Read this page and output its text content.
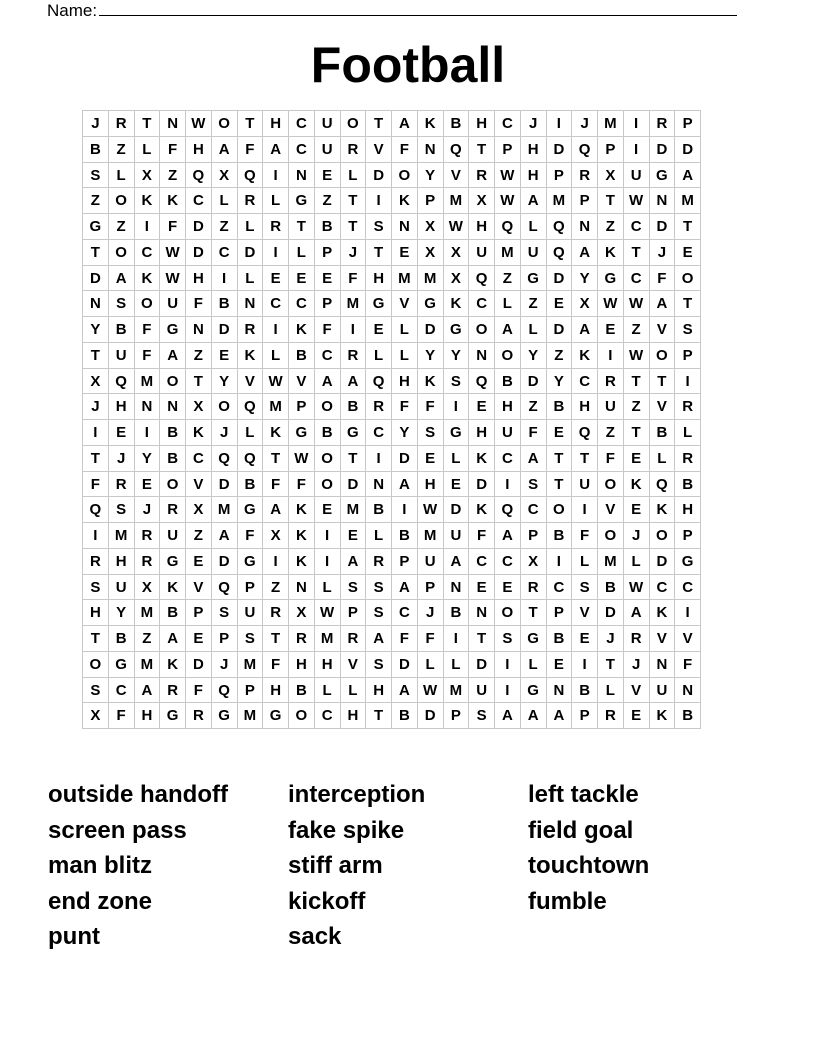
Name:
Football
J	R	T	N W O	T	H C U O	T	A K B H C	J	I	J	M	I	R	P
B	Z	L	F	H A	F	A C U R	V	F	N Q	T	P	H D Q P	I	D D
S	L	X	Z	Q X Q	I	N	E	L	D O Y	V	R W H	P	R	X	U G A
Z	O K K C	L	R	L	G	Z	T	I	K	P M X W A M P	T W N M
G	Z	I	F	D	Z	L	R	T	B	T	S	N	X W H Q	L	Q N	Z	C D	T
T	O C W D C D	I	L	P	J	T	E	X	X	U M U Q A K	T	J	E
D A K W H	I	L	E	E	E	F	H M M X Q	Z	G D	Y G C	F	O
N	S O U	F	B N C C	P M G V G K C	L	Z	E	X W W A	T
Y	B	F	G N D R	I	K	F	I	E	L	D G O A	L	D A	E	Z	V	S
T	U	F	A	Z	E	K	L	B C R	L	L	Y	Y	N O Y	Z	K	I	W O P
X Q M O	T	Y	V W V	A A Q H K	S Q B D	Y	C R	T	T	I
J	H N N	X O Q M P O B R	F	F	I	E	H	Z	B H U	Z	V	R
I	E	I	B K	J	L	K G B G C	Y	S G H U	F	E Q	Z	T	B	L
T	J	Y	B C Q Q	T W O	T	I	D	E	L	K C A	T	T	F	E	L	R
F	R	E O V	D B	F	F	O D N A H	E	D	I	S	T	U O K Q B
Q S	J	R	X M G A K	E M B	I	W D K Q C O	I	V	E	K H
I	M R U	Z	A	F	X	K	I	E	L	B M U	F	A	P	B	F	O	J	O P
R H R G E	D G	I	K	I	A R	P	U A C C	X	I	L M L	D G
S	U	X	K	V Q P	Z	N	L	S	S	A	P	N	E	E	R C	S	B W C C
H	Y M B	P	S	U R	X W P	S	C	J	B N O	T	P	V	D A K	I
T	B	Z	A	E	P	S	T	R M R A	F	F	I	T	S G B	E	J	R	V	V
O G M K D	J	M F	H H	V	S	D	L	L	D	I	L	E	I	T	J	N	F
S	C A R	F	Q P	H B	L	L	H A W M U	I	G N B	L	V	U N
X	F	H G R G M G O C H	T	B D	P	S	A A A	P	R	E	K B
outside handoff
screen pass
man blitz
end zone
punt
interception
fake spike
stiff arm
kickoff
sack
left tackle
field goal
touchtown
fumble
